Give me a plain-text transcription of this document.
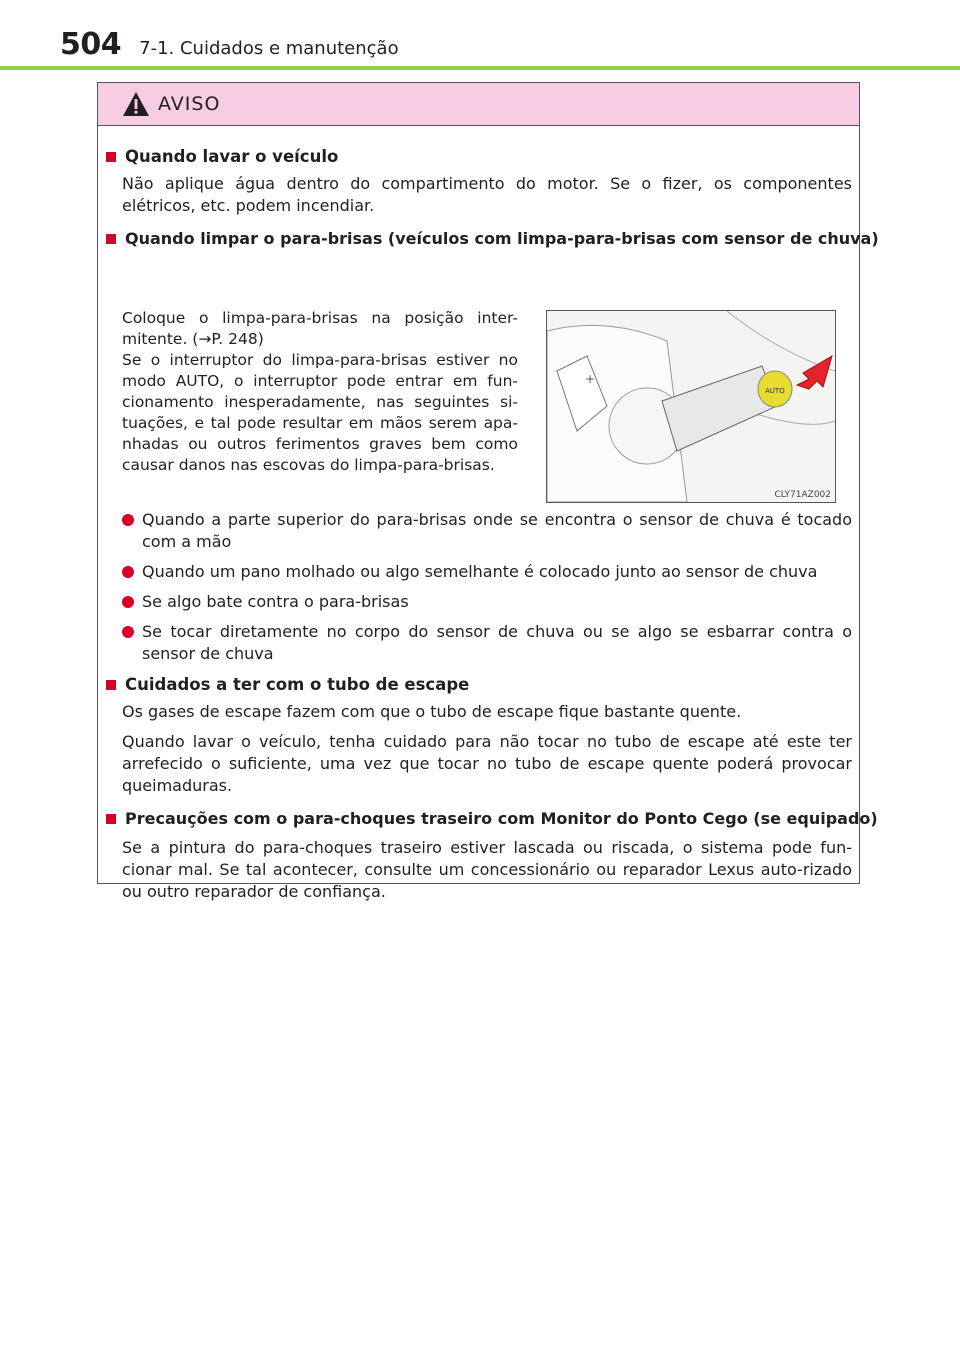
504 7-1. Cuidados e manutenção
AVISO
Quando lavar o veículo
Não aplique água dentro do compartimento do motor. Se o fizer, os componentes elétricos, etc. podem incendiar.
Quando limpar o para-brisas (veículos com limpa-para-brisas com sensor de chuva)
Coloque o limpa-para-brisas na posição inter-mitente. (→P. 248)
Se o interruptor do limpa-para-brisas estiver no modo AUTO, o interruptor pode entrar em fun-cionamento inesperadamente, nas seguintes si-tuações, e tal pode resultar em mãos serem apa-nhadas ou outros ferimentos graves bem como causar danos nas escovas do limpa-para-brisas.
+
AUTO
CLY71AZ002
Quando a parte superior do para-brisas onde se encontra o sensor de chuva é tocado com a mão
Quando um pano molhado ou algo semelhante é colocado junto ao sensor de chuva
Se algo bate contra o para-brisas
Se tocar diretamente no corpo do sensor de chuva ou se algo se esbarrar contra o sensor de chuva
Cuidados a ter com o tubo de escape
Os gases de escape fazem com que o tubo de escape fique bastante quente.
Quando lavar o veículo, tenha cuidado para não tocar no tubo de escape até este ter arrefecido o suficiente, uma vez que tocar no tubo de escape quente poderá provocar queimaduras.
Precauções com o para-choques traseiro com Monitor do Ponto Cego (se equipado)
Se a pintura do para-choques traseiro estiver lascada ou riscada, o sistema pode fun-cionar mal. Se tal acontecer, consulte um concessionário ou reparador Lexus auto-rizado ou outro reparador de confiança.
